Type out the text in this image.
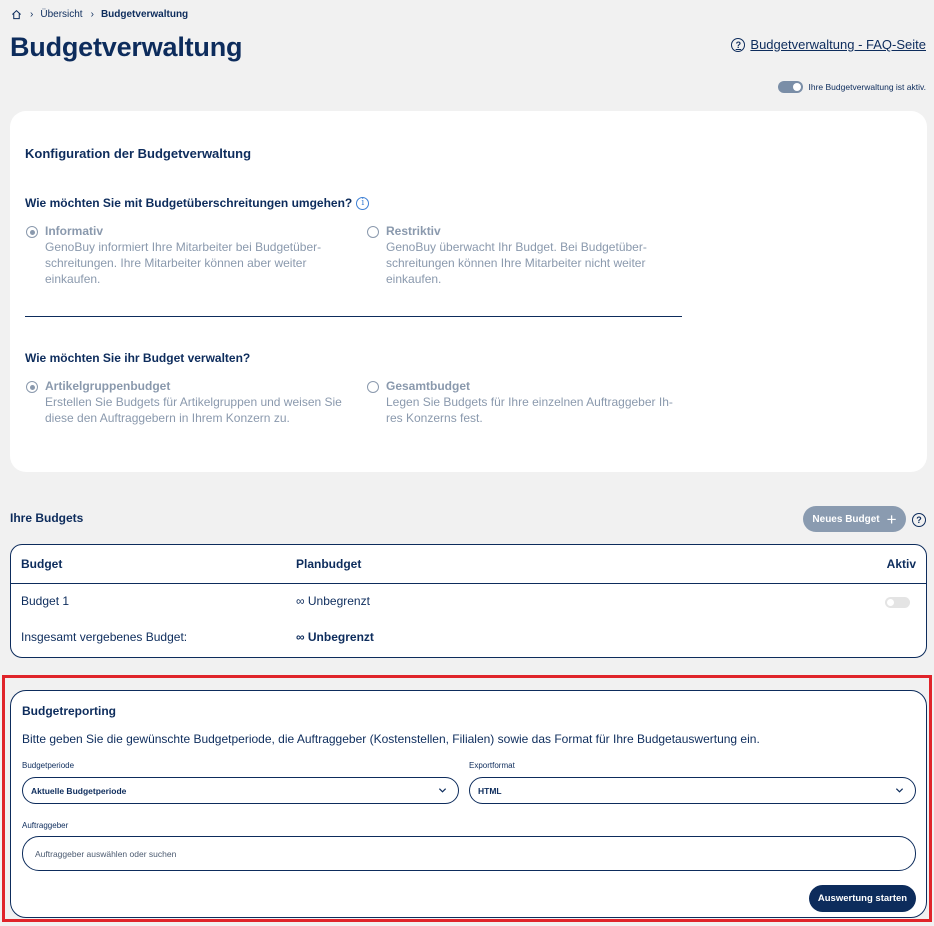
› Übersicht › Budgetverwaltung
Budgetverwaltung	? Budgetverwaltung - FAQ-Seite
Ihre Budgetverwaltung ist aktiv.
Konfiguration der Budgetverwaltung
Wie möchten Sie mit Budgetüberschreitungen umgehen?	i
Informativ
GenoBuy informiert Ihre Mitarbeiter bei Budgetüber-schreitungen. Ihre Mitarbeiter können aber weiter einkaufen.
Restriktiv
GenoBuy überwacht Ihr Budget. Bei Budgetüber-schreitungen können Ihre Mitarbeiter nicht weiter einkaufen.
Wie möchten Sie ihr Budget verwalten?
Artikelgruppenbudget
Erstellen Sie Budgets für Artikelgruppen und weisen Sie diese den Auftraggebern in Ihrem Konzern zu.
Gesamtbudget
Legen Sie Budgets für Ihre einzelnen Auftraggeber Ih-res Konzerns fest.
Ihre Budgets	Neues Budget +	?
Budget	Planbudget	Aktiv
Budget 1	∞ Unbegrenzt
Insgesamt vergebenes Budget:	∞ Unbegrenzt
Budgetreporting
Bitte geben Sie die gewünschte Budgetperiode, die Auftraggeber (Kostenstellen, Filialen) sowie das Format für Ihre Budgetauswertung ein.
Budgetperiode
Aktuelle Budgetperiode
Exportformat
HTML
Auftraggeber
Auftraggeber auswählen oder suchen
Auswertung starten
